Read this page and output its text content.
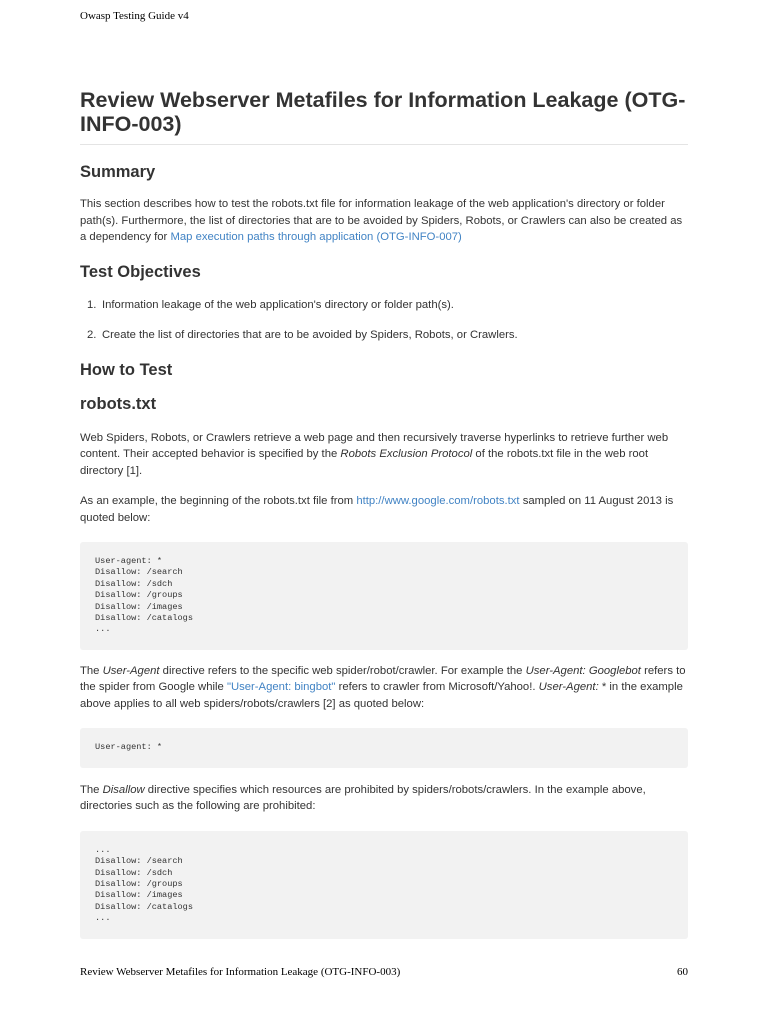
Owasp Testing Guide v4
Review Webserver Metafiles for Information Leakage (OTG-INFO-003)
Summary

This section describes how to test the robots.txt file for information leakage of the web application's directory or folder path(s). Furthermore, the list of directories that are to be avoided by Spiders, Robots, or Crawlers can also be created as a dependency for Map execution paths through application (OTG-INFO-007)

Test Objectives
1. Information leakage of the web application's directory or folder path(s).
2. Create the list of directories that are to be avoided by Spiders, Robots, or Crawlers.
How to Test
robots.txt

Web Spiders, Robots, or Crawlers retrieve a web page and then recursively traverse hyperlinks to retrieve further web content. Their accepted behavior is specified by the Robots Exclusion Protocol of the robots.txt file in the web root directory [1].

As an example, the beginning of the robots.txt file from http://www.google.com/robots.txt sampled on 11 August 2013 is quoted below:

User-agent: *
Disallow: /search
Disallow: /sdch
Disallow: /groups
Disallow: /images
Disallow: /catalogs
...

The User-Agent directive refers to the specific web spider/robot/crawler. For example the User-Agent: Googlebot refers to the spider from Google while "User-Agent: bingbot" refers to crawler from Microsoft/Yahoo!. User-Agent: * in the example above applies to all web spiders/robots/crawlers [2] as quoted below:

User-agent: *

The Disallow directive specifies which resources are prohibited by spiders/robots/crawlers. In the example above, directories such as the following are prohibited:

...
Disallow: /search
Disallow: /sdch
Disallow: /groups
Disallow: /images
Disallow: /catalogs
...
Review Webserver Metafiles for Information Leakage (OTG-INFO-003)	60
